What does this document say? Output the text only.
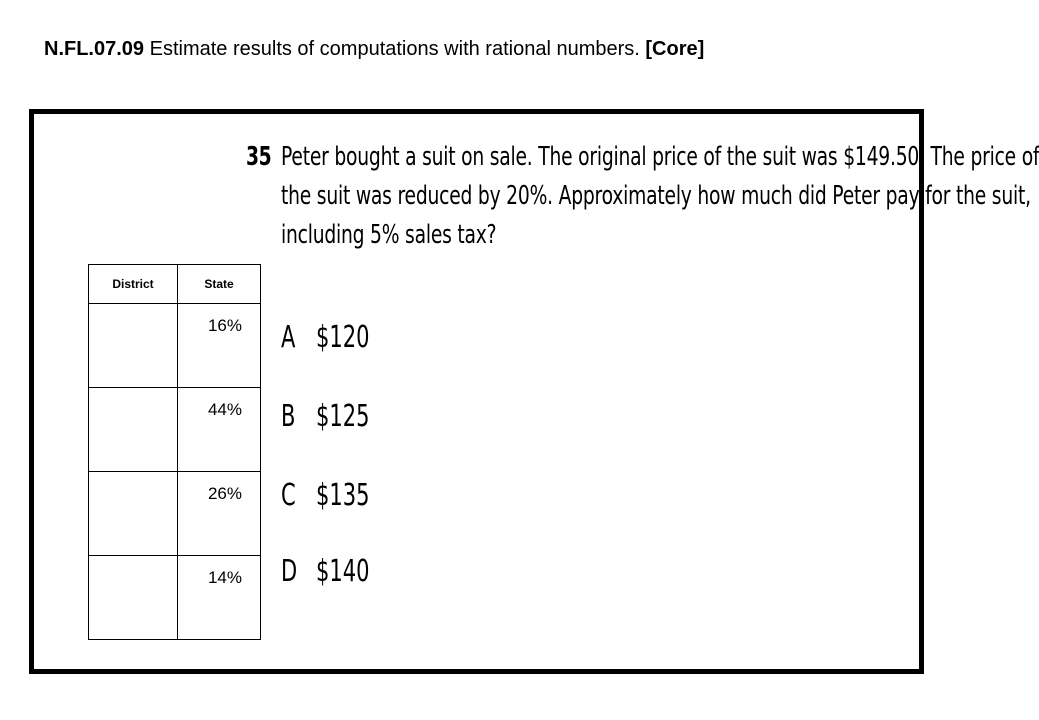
N.FL.07.09 Estimate results of computations with rational numbers. [Core]
35 Peter bought a suit on sale. The original price of the suit was $149.50. The price of
the suit was reduced by 20%. Approximately how much did Peter pay for the suit,
including 5% sales tax?
A $120
B $125
C $135
D $140
District	State
	16%
	44%
	26%
	14%
